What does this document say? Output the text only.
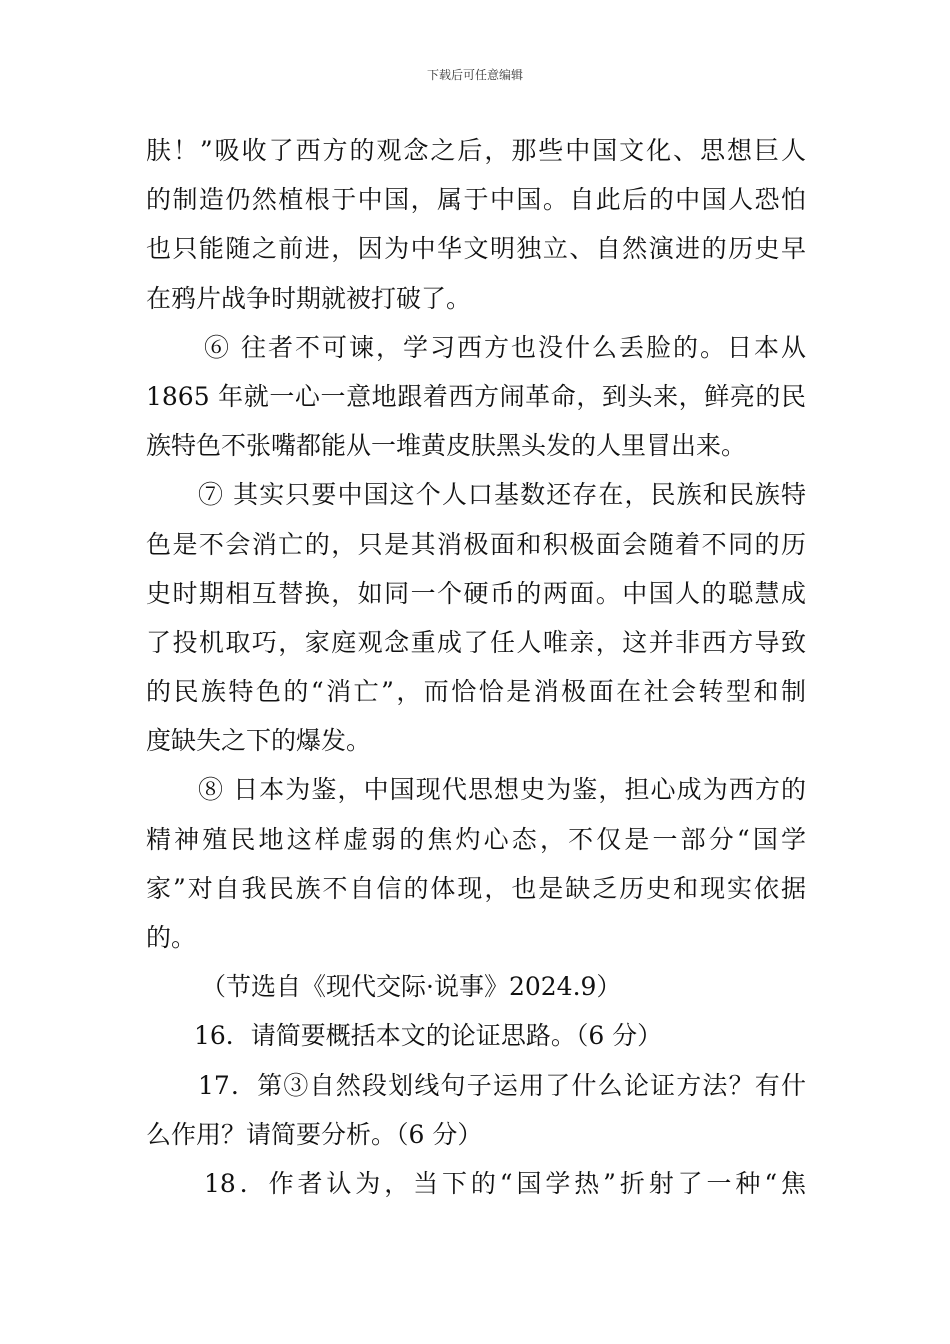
下载后可任意编辑
肤！”吸收了西方的观念之后，那些中国文化、思想巨人
的制造仍然植根于中国，属于中国。自此后的中国人恐怕
也只能随之前进，因为中华文明独立、自然演进的历史早
在鸦片战争时期就被打破了。
⑥ 往者不可谏，学习西方也没什么丢脸的。日本从
1865 年就一心一意地跟着西方闹革命，到头来，鲜亮的民
族特色不张嘴都能从一堆黄皮肤黑头发的人里冒出来。
⑦ 其实只要中国这个人口基数还存在，民族和民族特
色是不会消亡的，只是其消极面和积极面会随着不同的历
史时期相互替换，如同一个硬币的两面。中国人的聪慧成
了投机取巧，家庭观念重成了任人唯亲，这并非西方导致
的民族特色的“消亡”，而恰恰是消极面在社会转型和制
度缺失之下的爆发。
⑧ 日本为鉴，中国现代思想史为鉴，担心成为西方的
精神殖民地这样虚弱的焦灼心态，不仅是一部分“国学
家”对自我民族不自信的体现，也是缺乏历史和现实依据
的。
（节选自《现代交际·说事》2024.9）
16．请简要概括本文的论证思路。（6 分）
17．第③自然段划线句子运用了什么论证方法？有什
么作用？请简要分析。（6 分）
18．作者认为，当下的“国学热”折射了一种“焦
